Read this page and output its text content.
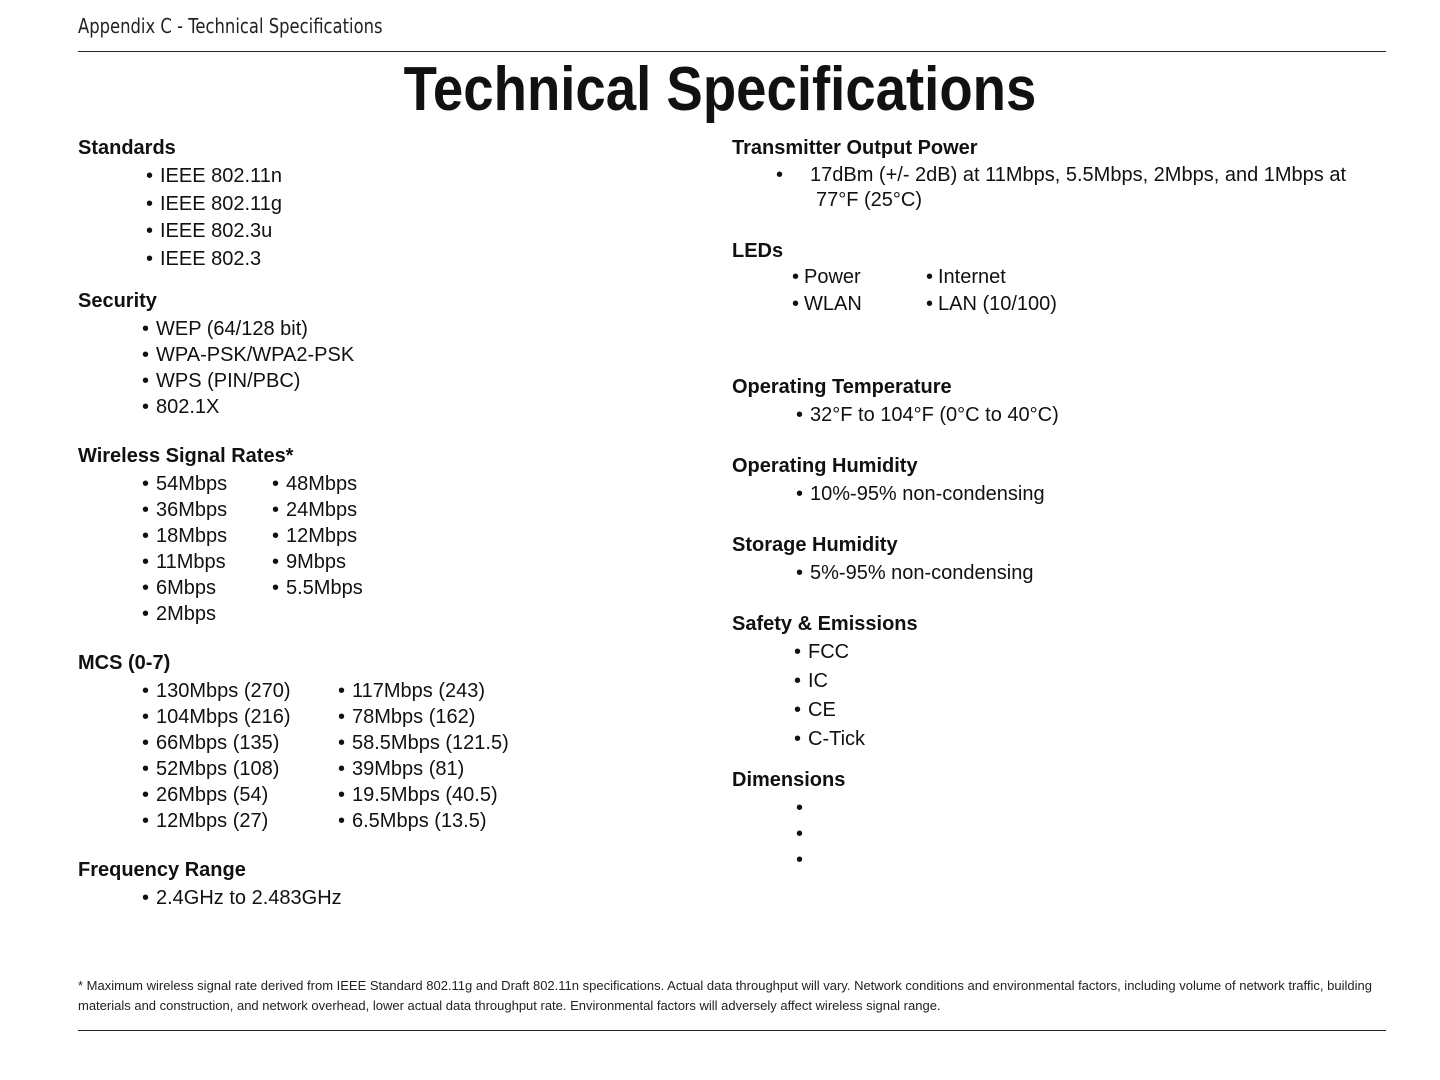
Appendix C - Technical Specifications
Technical Specifications
Standards
• IEEE 802.11n
• IEEE 802.11g
• IEEE 802.3u
• IEEE 802.3
Security
• WEP (64/128 bit)
• WPA-PSK/WPA2-PSK
• WPS (PIN/PBC)
• 802.1X
Wireless Signal Rates*
• 54Mbps	• 48Mbps
• 36Mbps	• 24Mbps
• 18Mbps	• 12Mbps
• 11Mbps	• 9Mbps
• 6Mbps	• 5.5Mbps
• 2Mbps
MCS (0-7)
• 130Mbps (270)	• 117Mbps (243)
• 104Mbps (216)	• 78Mbps (162)
• 66Mbps (135)	• 58.5Mbps (121.5)
• 52Mbps (108)	• 39Mbps (81)
• 26Mbps (54)	• 19.5Mbps (40.5)
• 12Mbps (27)	• 6.5Mbps (13.5)
Frequency Range
• 2.4GHz to 2.483GHz
Transmitter Output Power
• 17dBm (+/- 2dB) at 11Mbps, 5.5Mbps, 2Mbps, and 1Mbps at 77°F (25°C)
LEDs
• Power	• Internet
• WLAN	• LAN (10/100)
Operating Temperature
• 32°F to 104°F (0°C to 40°C)
Operating Humidity
• 10%-95% non-condensing
Storage Humidity
• 5%-95% non-condensing
Safety & Emissions
• FCC
• IC
• CE
• C-Tick
Dimensions
•
•
•
* Maximum wireless signal rate derived from IEEE Standard 802.11g and Draft 802.11n specifications. Actual data throughput will vary. Network conditions and environmental factors, including volume of network traffic, building materials and construction, and network overhead, lower actual data throughput rate. Environmental factors will adversely affect wireless signal range.
